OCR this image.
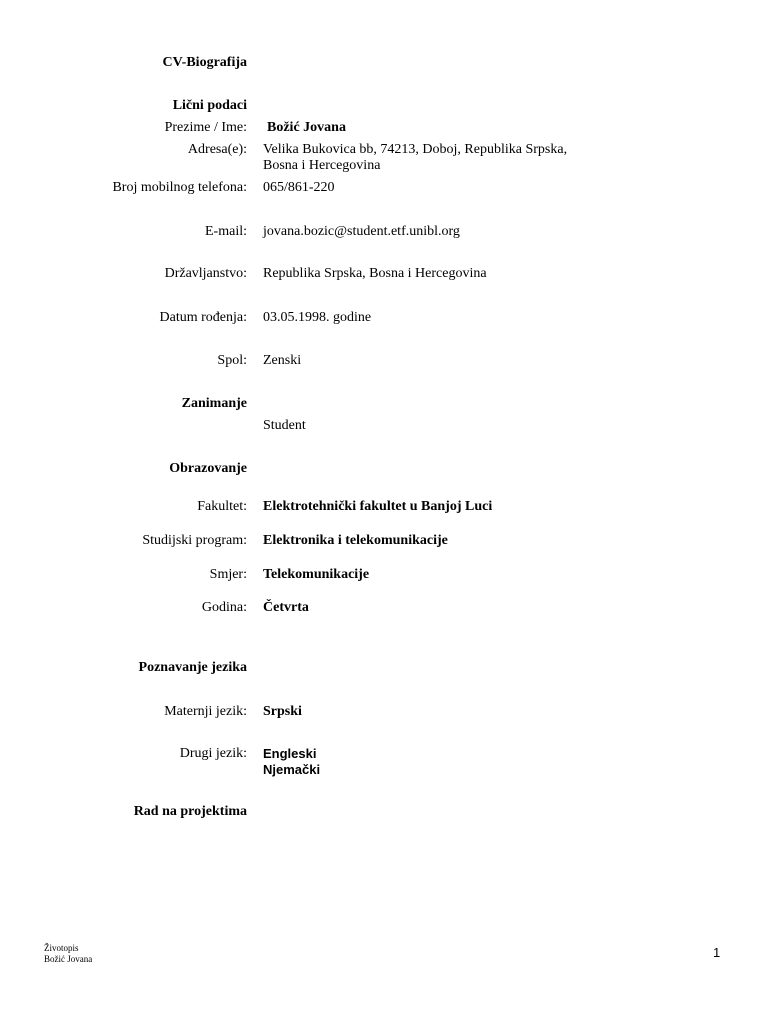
CV-Biografija
Lični podaci
Prezime / Ime: Božić Jovana
Adresa(e): Velika Bukovica bb, 74213, Doboj, Republika Srpska,
Bosna i Hercegovina
Broj mobilnog telefona: 065/861-220
E-mail: jovana.bozic@student.etf.unibl.org
Državljanstvo: Republika Srpska, Bosna i Hercegovina
Datum rođenja: 03.05.1998. godine
Spol: Zenski
Zanimanje
Student
Obrazovanje
Fakultet: Elektrotehnički fakultet u Banjoj Luci
Studijski program: Elektronika i telekomunikacije
Smjer: Telekomunikacije
Godina: Četvrta
Poznavanje jezika
Maternji jezik: Srpski
Drugi jezik: Engleski
Njemački
Rad na projektima
Životopis
Božić Jovana	1
